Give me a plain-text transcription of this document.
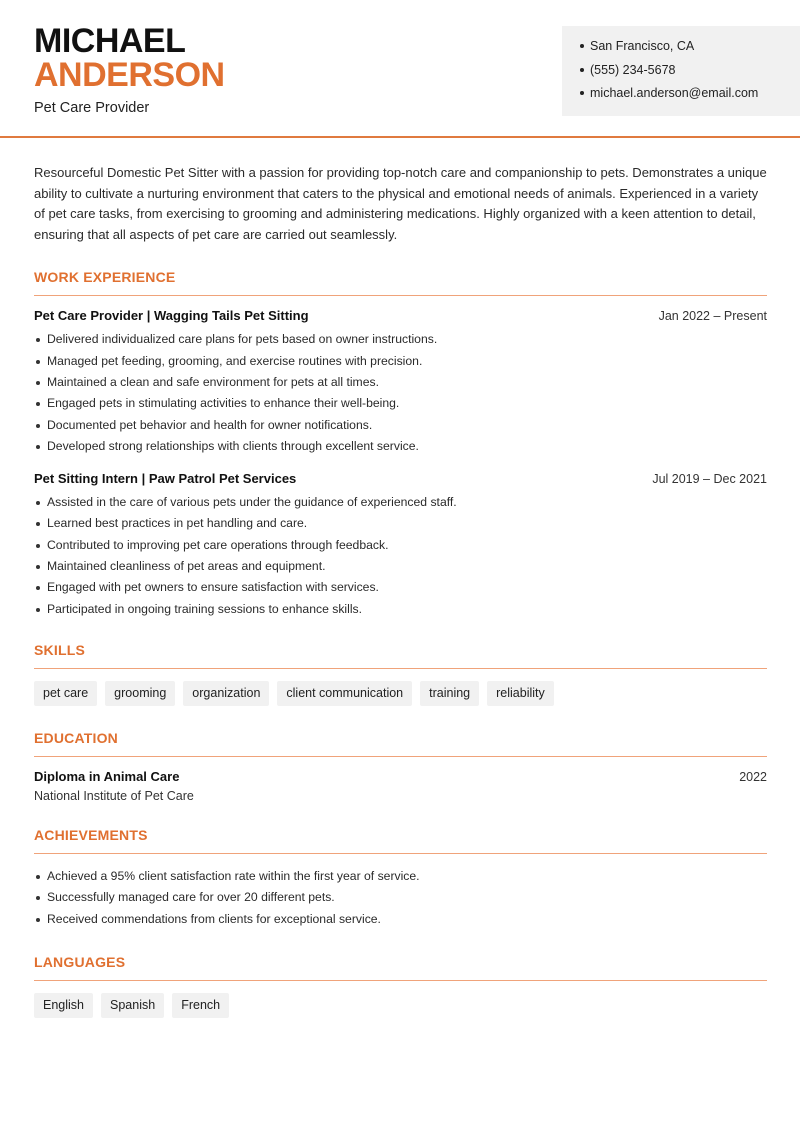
MICHAEL
ANDERSON
Pet Care Provider
San Francisco, CA
(555) 234-5678
michael.anderson@email.com

Resourceful Domestic Pet Sitter with a passion for providing top-notch care and companionship to pets. Demonstrates a unique ability to cultivate a nurturing environment that caters to the physical and emotional needs of animals. Experienced in a variety of pet care tasks, from exercising to grooming and administering medications. Highly organized with a keen attention to detail, ensuring that all aspects of pet care are carried out seamlessly.

WORK EXPERIENCE
Pet Care Provider | Wagging Tails Pet Sitting	Jan 2022 – Present
Delivered individualized care plans for pets based on owner instructions.
Managed pet feeding, grooming, and exercise routines with precision.
Maintained a clean and safe environment for pets at all times.
Engaged pets in stimulating activities to enhance their well-being.
Documented pet behavior and health for owner notifications.
Developed strong relationships with clients through excellent service.
Pet Sitting Intern | Paw Patrol Pet Services	Jul 2019 – Dec 2021
Assisted in the care of various pets under the guidance of experienced staff.
Learned best practices in pet handling and care.
Contributed to improving pet care operations through feedback.
Maintained cleanliness of pet areas and equipment.
Engaged with pet owners to ensure satisfaction with services.
Participated in ongoing training sessions to enhance skills.
SKILLS
pet care	grooming	organization	client communication	training	reliability
EDUCATION
Diploma in Animal Care	2022
National Institute of Pet Care
ACHIEVEMENTS
Achieved a 95% client satisfaction rate within the first year of service.
Successfully managed care for over 20 different pets.
Received commendations from clients for exceptional service.
LANGUAGES
English	Spanish	French
